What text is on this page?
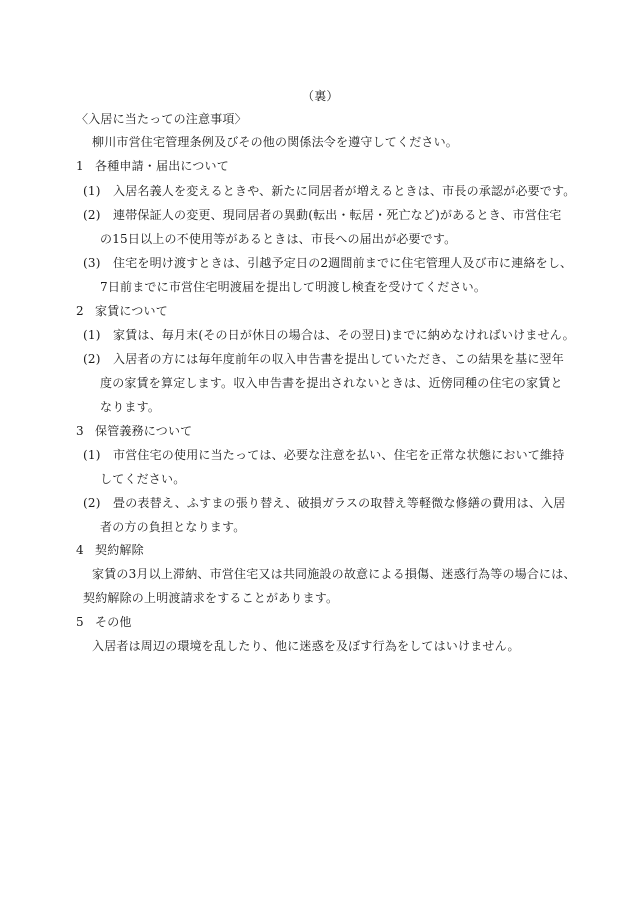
（裏）
〈入居に当たっての注意事項〉
柳川市営住宅管理条例及びその他の関係法令を遵守してください。
1 各種申請・届出について
(1) 入居名義人を変えるときや、新たに同居者が増えるときは、市長の承認が必要です。
(2) 連帯保証人の変更、現同居者の異動(転出・転居・死亡など)があるとき、市営住宅
の15日以上の不使用等があるときは、市長への届出が必要です。
(3) 住宅を明け渡すときは、引越予定日の2週間前までに住宅管理人及び市に連絡をし、
7日前までに市営住宅明渡届を提出して明渡し検査を受けてください。
2 家賃について
(1) 家賃は、毎月末(その日が休日の場合は、その翌日)までに納めなければいけません。
(2) 入居者の方には毎年度前年の収入申告書を提出していただき、この結果を基に翌年
度の家賃を算定します。収入申告書を提出されないときは、近傍同種の住宅の家賃と
なります。
3 保管義務について
(1) 市営住宅の使用に当たっては、必要な注意を払い、住宅を正常な状態において維持
してください。
(2) 畳の表替え、ふすまの張り替え、破損ガラスの取替え等軽微な修繕の費用は、入居
者の方の負担となります。
4 契約解除
家賃の3月以上滞納、市営住宅又は共同施設の故意による損傷、迷惑行為等の場合には、
契約解除の上明渡請求をすることがあります。
5 その他
入居者は周辺の環境を乱したり、他に迷惑を及ぼす行為をしてはいけません。
